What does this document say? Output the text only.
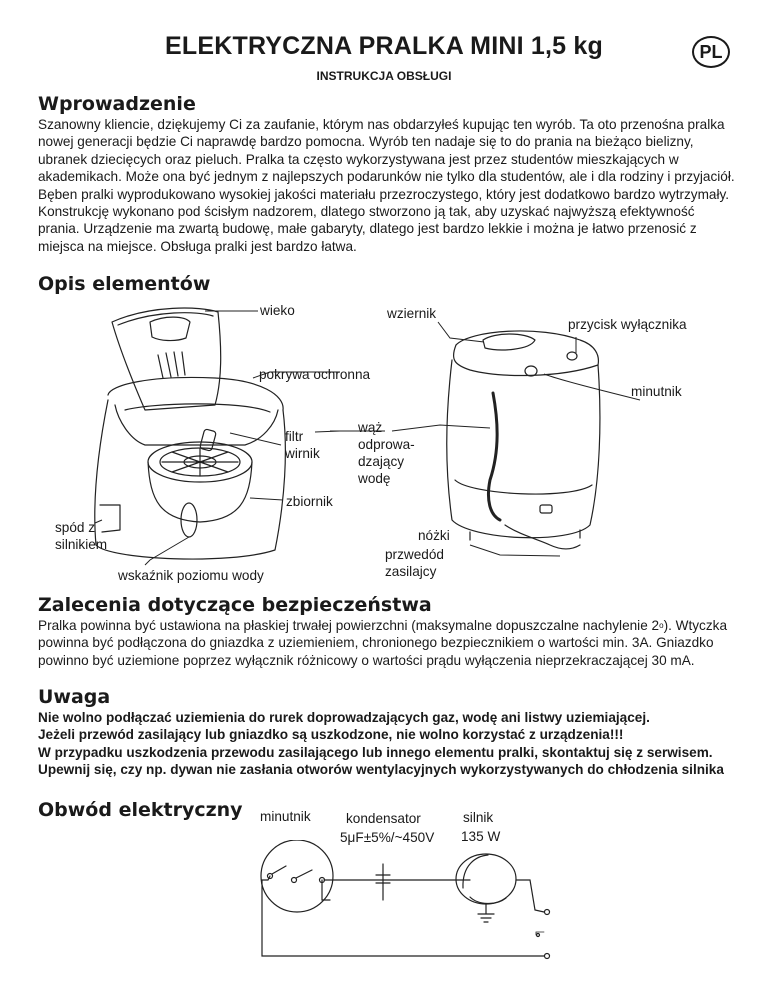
ELEKTRYCZNA PRALKA MINI 1,5 kg
INSTRUKCJA OBSŁUGI
PL
Wprowadzenie

Szanowny kliencie, dziękujemy Ci za zaufanie, którym nas obdarzyłeś kupując ten wyrób. Ta oto przenośna pralka nowej generacji będzie Ci naprawdę bardzo pomocna. Wyrób ten nadaje się to do prania na bieżąco bielizny, ubranek dziecięcych oraz pieluch. Pralka ta często wykorzystywana jest przez studentów mieszkających w akademikach. Może ona być jednym z najlepszych podarunków nie tylko dla studentów, ale i dla rodziny i przyjaciół.

Bęben pralki wyprodukowano wysokiej jakości materiału przezroczystego, który jest dodatkowo bardzo wytrzymały. Konstrukcję wykonano pod ścisłym nadzorem, dlatego stworzono ją tak, aby uzyskać najwyższą efektywność prania. Urządzenie ma zwartą budowę, małe gabaryty, dlatego jest bardzo lekkie i można je łatwo przenosić z miejsca na miejsce. Obsługa pralki jest bardzo łatwa.

Opis elementów
wieko	wziernik
przycisk wyłącznika
pokrywa ochronna
minutnik
filtr
wirnik
wąż
odprowa-
dzający
wodę
zbiornik
spód z
silnikiem
nóżki
przwedód
zasilajcy
wskaźnik poziomu wody
Zalecenia dotyczące bezpieczeństwa
Pralka powinna być ustawiona na płaskiej trwałej powierzchni (maksymalne dopuszczalne nachylenie 2$^o$). Wtyczka powinna być podłączona do gniazdka z uziemieniem, chronionego bezpiecznikiem o wartości min. 3A. Gniazdko powinno być uziemione poprzez wyłącznik różnicowy o wartości prądu wyłączenia nieprzekraczającej 30 mA.
Uwaga

Nie wolno podłączać uziemienia do rurek doprowadzających gaz, wodę ani listwy uziemiającej.

Jeżeli przewód zasilający lub gniazdko są uszkodzone, nie wolno korzystać z urządzenia!!!

W przypadku uszkodzenia przewodu zasilającego lub innego elementu pralki, skontaktuj się z serwisem. Upewnij się, czy np. dywan nie zasłania otworów wentylacyjnych wykorzystywanych do chłodzenia silnika

Obwód elektryczny minutnik	kondensator
5μF±5%/~450V
silnik
135 W
